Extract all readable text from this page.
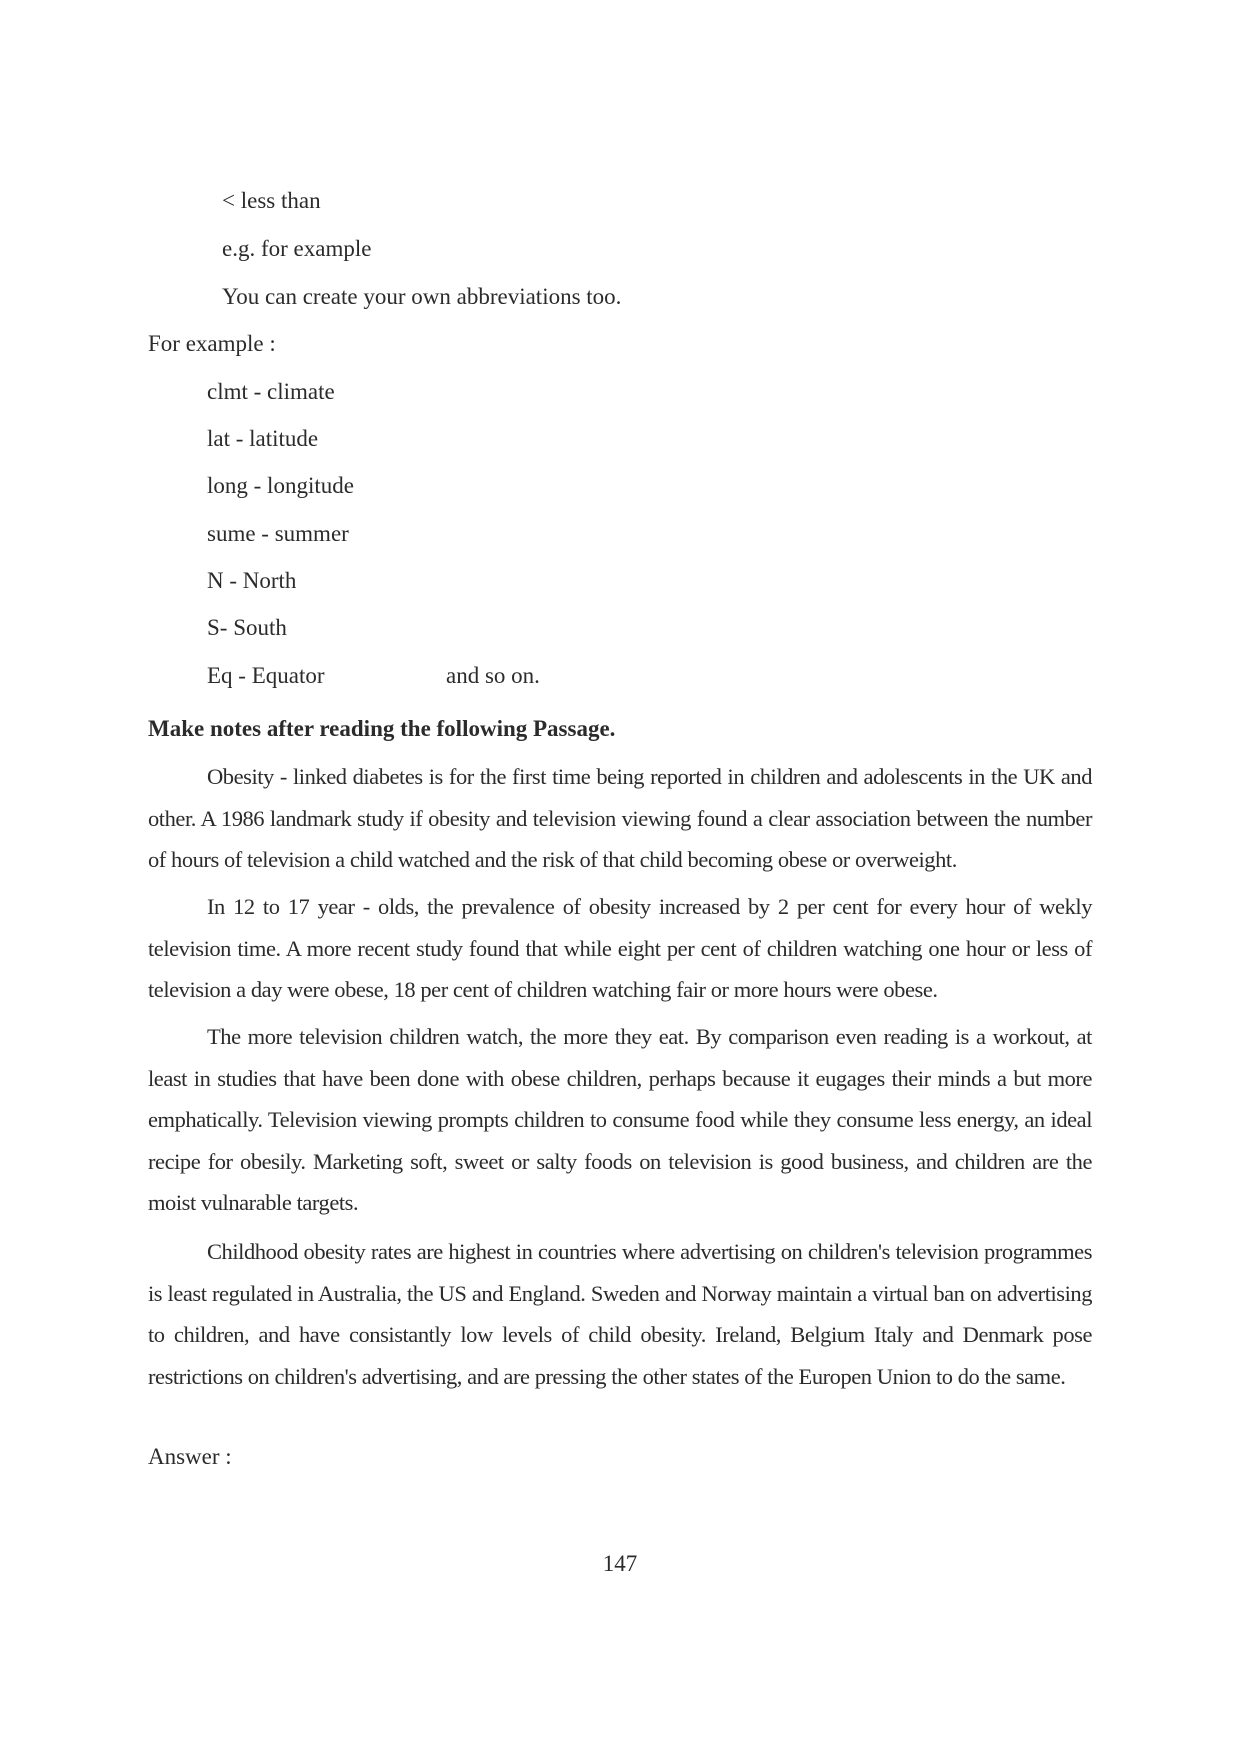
< less than
e.g. for example
You can create your own abbreviations too.
For example :
clmt - climate
lat - latitude
long - longitude
sume - summer
N - North
S- South
Eq - Equator	and so on.
Make notes after reading the following Passage.

Obesity - linked diabetes is for the first time being reported in children and adolescents in the UK and other. A 1986 landmark study if obesity and television viewing found a clear association between the number of hours of television a child watched and the risk of that child becoming obese or overweight.

In 12 to 17 year - olds, the prevalence of obesity increased by 2 per cent for every hour of wekly television time. A more recent study found that while eight per cent of children watching one hour or less of television a day were obese, 18 per cent of children watching fair or more hours were obese.

The more television children watch, the more they eat. By comparison even reading is a workout, at least in studies that have been done with obese children, perhaps because it eugages their minds a but more emphatically. Television viewing prompts children to consume food while they consume less energy, an ideal recipe for obesily. Marketing soft, sweet or salty foods on television is good business, and children are the moist vulnarable targets.

Childhood obesity rates are highest in countries where advertising on children's television programmes is least regulated in Australia, the US and England. Sweden and Norway maintain a virtual ban on advertising to children, and have consistantly low levels of child obesity. Ireland, Belgium Italy and Denmark pose restrictions on children's advertising, and are pressing the other states of the Europen Union to do the same.

Answer :
147
